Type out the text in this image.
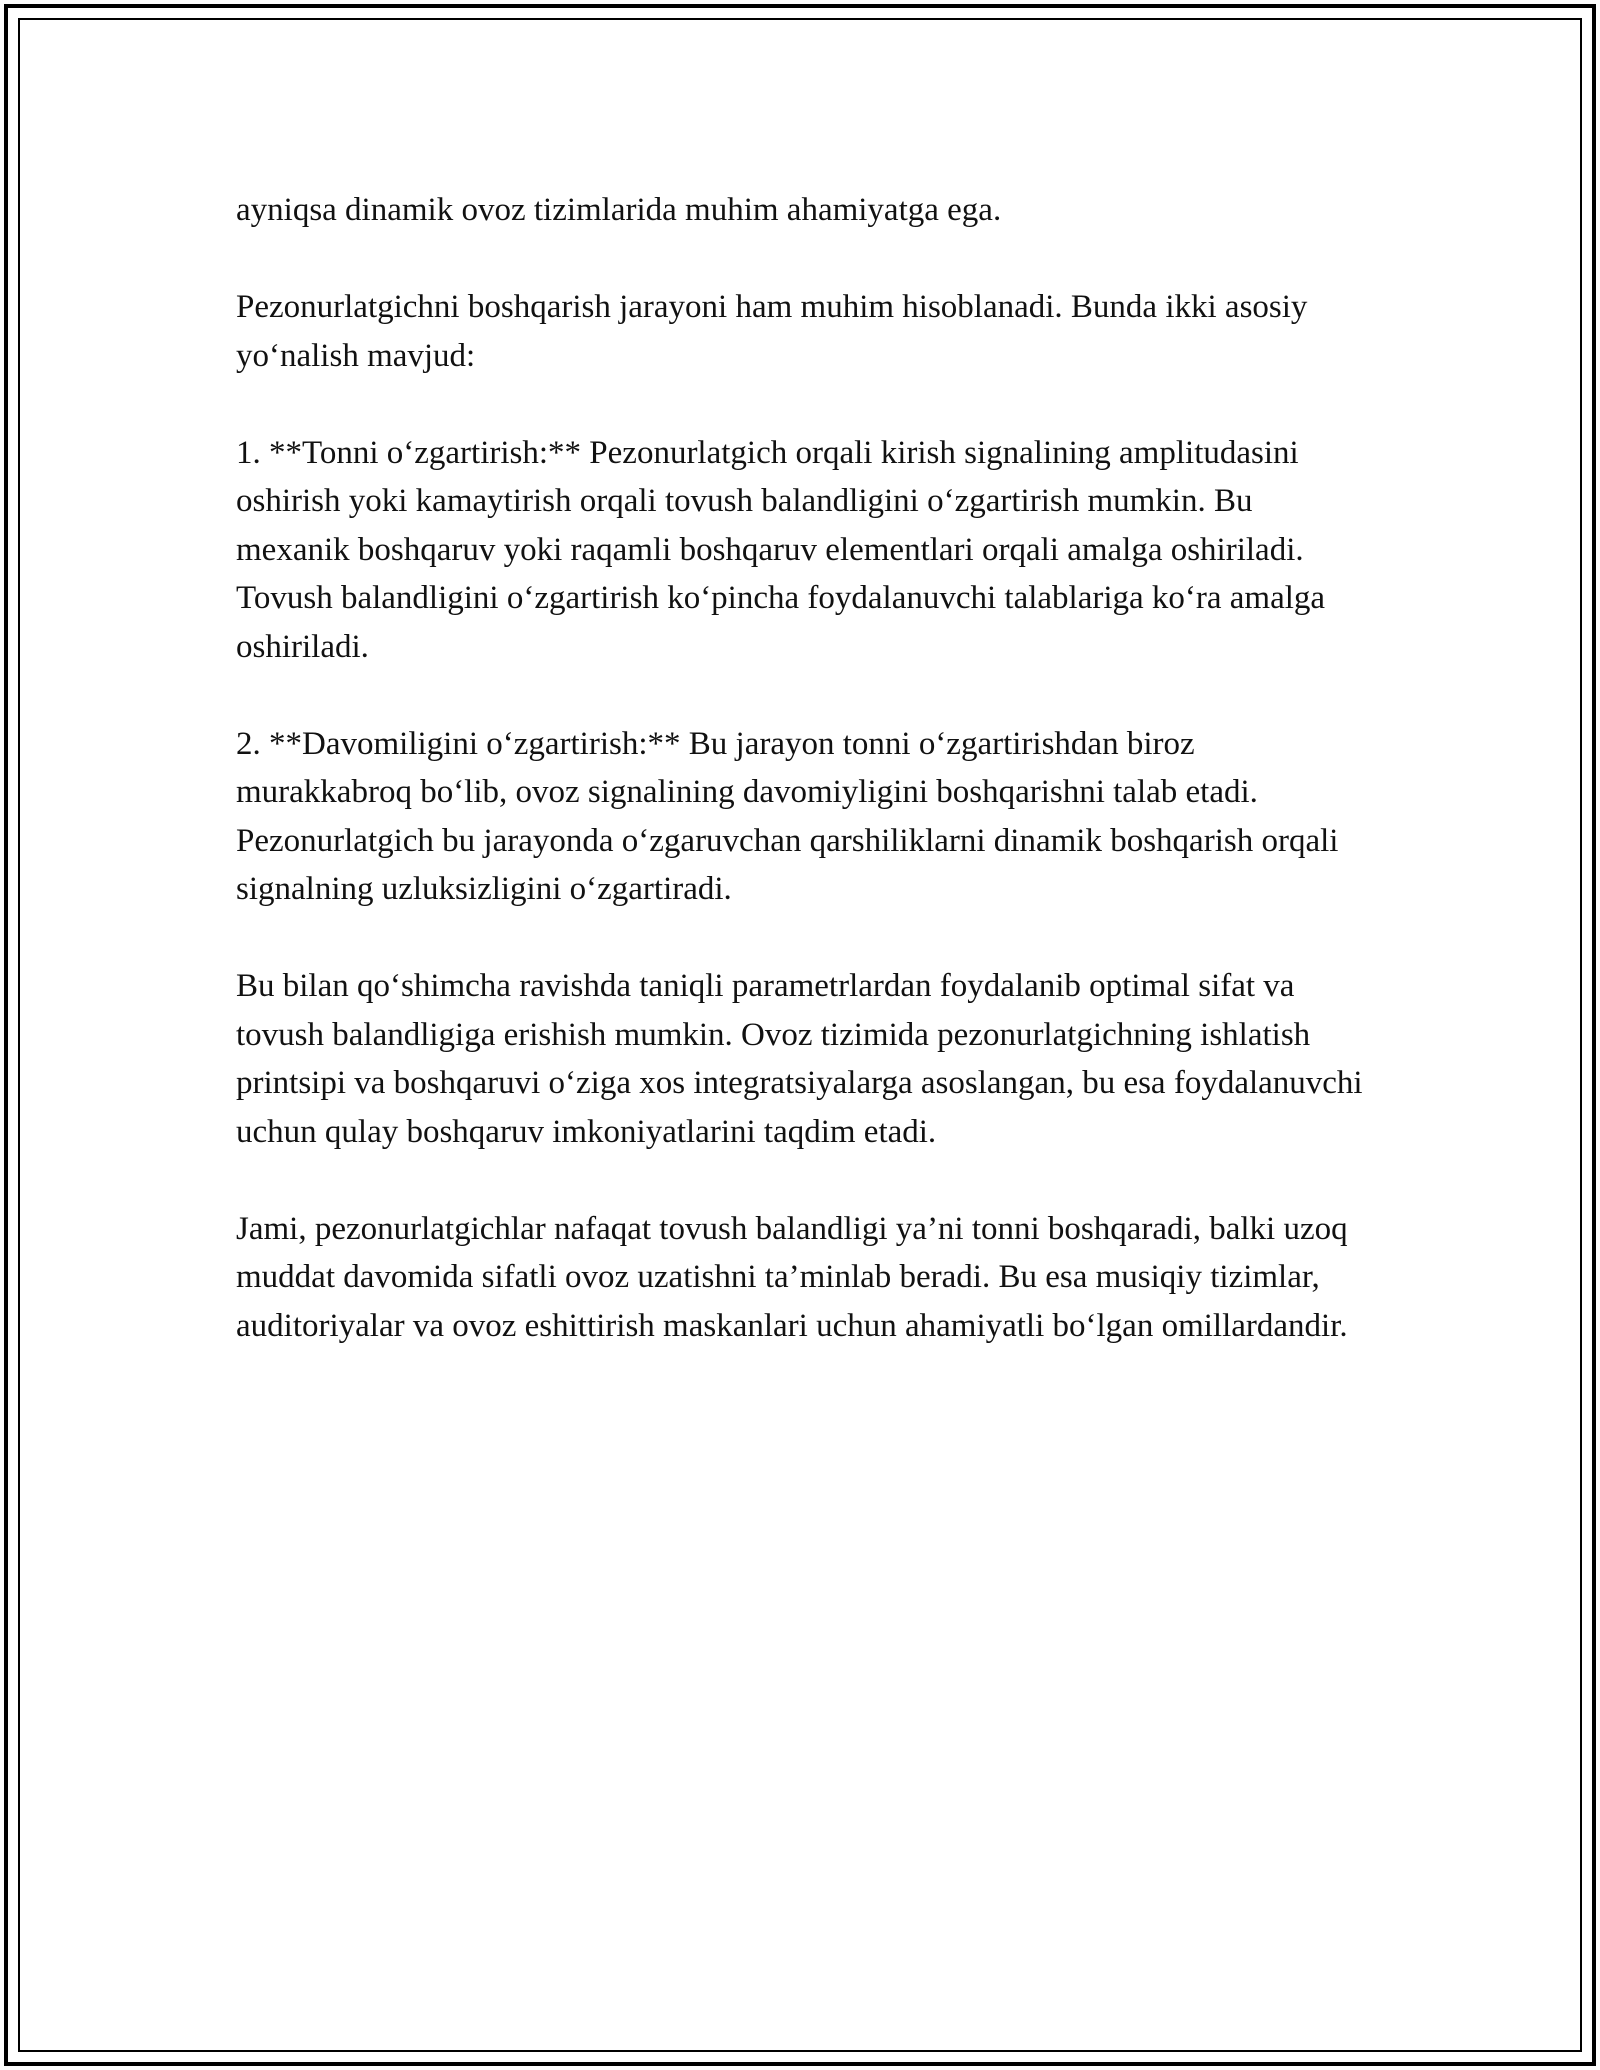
ayniqsa dinamik ovoz tizimlarida muhim ahamiyatga ega.

Pezonurlatgichni boshqarish jarayoni ham muhim hisoblanadi. Bunda ikki asosiy yo‘nalish mavjud:

1. **Tonni o‘zgartirish:** Pezonurlatgich orqali kirish signalining amplitudasini oshirish yoki kamaytirish orqali tovush balandligini o‘zgartirish mumkin. Bu mexanik boshqaruv yoki raqamli boshqaruv elementlari orqali amalga oshiriladi. Tovush balandligini o‘zgartirish ko‘pincha foydalanuvchi talablariga ko‘ra amalga oshiriladi.

2. **Davomiligini o‘zgartirish:** Bu jarayon tonni o‘zgartirishdan biroz murakkabroq bo‘lib, ovoz signalining davomiyligini boshqarishni talab etadi. Pezonurlatgich bu jarayonda o‘zgaruvchan qarshiliklarni dinamik boshqarish orqali signalning uzluksizligini o‘zgartiradi.

Bu bilan qo‘shimcha ravishda taniqli parametrlardan foydalanib optimal sifat va tovush balandligiga erishish mumkin. Ovoz tizimida pezonurlatgichning ishlatish printsipi va boshqaruvi o‘ziga xos integratsiyalarga asoslangan, bu esa foydalanuvchi uchun qulay boshqaruv imkoniyatlarini taqdim etadi.

Jami, pezonurlatgichlar nafaqat tovush balandligi ya’ni tonni boshqaradi, balki uzoq muddat davomida sifatli ovoz uzatishni ta’minlab beradi. Bu esa musiqiy tizimlar, auditoriyalar va ovoz eshittirish maskanlari uchun ahamiyatli bo‘lgan omillardandir.
